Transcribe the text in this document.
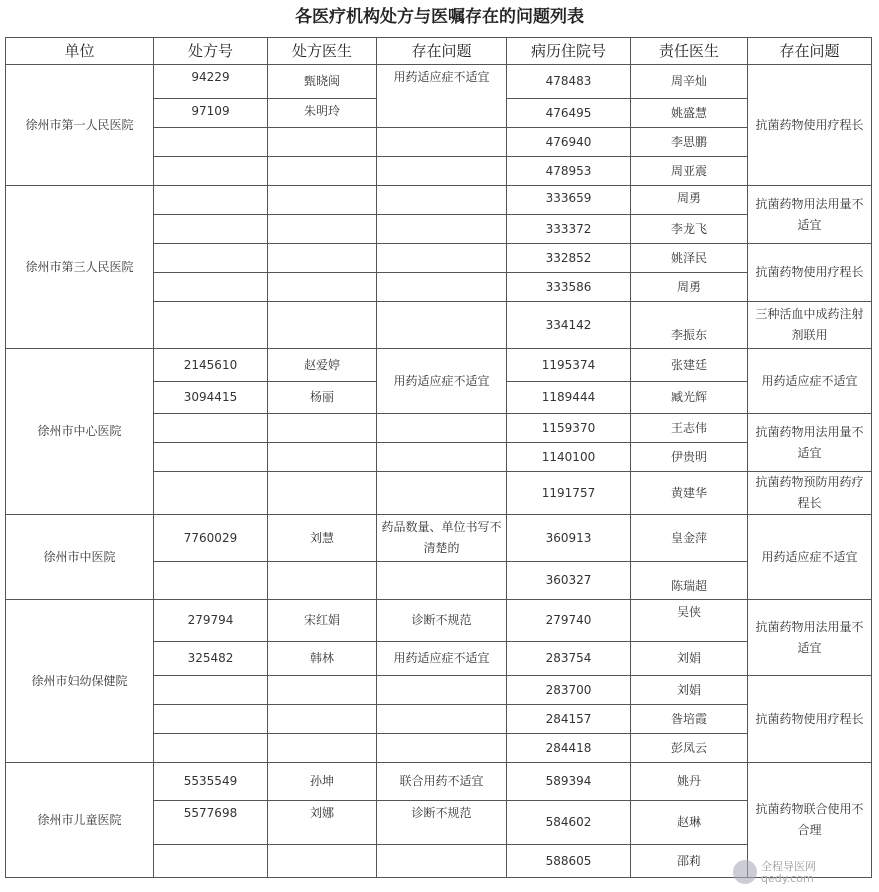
各医疗机构处方与医嘱存在的问题列表
单位	处方号	处方医生	存在问题	病历住院号	责任医生	存在问题
徐州市第一人民医院	94229	甄晓闽	用药适应症不适宜	478483	周辛灿	抗菌药物使用疗程长
	97109	朱明玲		476495	姚盛慧	
				476940	李思鹏	
				478953	周亚震	
徐州市第三人民医院				333659	周勇	抗菌药物用法用量不适宜
				333372	李龙飞	
				332852	姚泽民	抗菌药物使用疗程长
				333586	周勇	
				334142	李振东	三种活血中成药注射剂联用
徐州市中心医院	2145610	赵爱婷	用药适应症不适宜	1195374	张建廷	用药适应症不适宜
	3094415	杨丽		1189444	臧光辉	
				1159370	王志伟	抗菌药物用法用量不适宜
				1140100	伊贵明	
				1191757	黄建华	抗菌药物预防用药疗程长
徐州市中医院	7760029	刘慧	药品数量、单位书写不清楚的	360913	皇金萍	用药适应症不适宜
				360327	陈瑞超	
徐州市妇幼保健院	279794	宋红娟	诊断不规范	279740	吴侠	抗菌药物用法用量不适宜
	325482	韩林	用药适应症不适宜	283754	刘娟	
				283700	刘娟	抗菌药物使用疗程长
				284157	昝培霞	
				284418	彭凤云	
徐州市儿童医院	5535549	孙坤	联合用药不适宜	589394	姚丹	抗菌药物联合使用不合理
	5577698	刘娜	诊断不规范	584602	赵琳	
				588605	邵莉		全程导医网
qedy.com
